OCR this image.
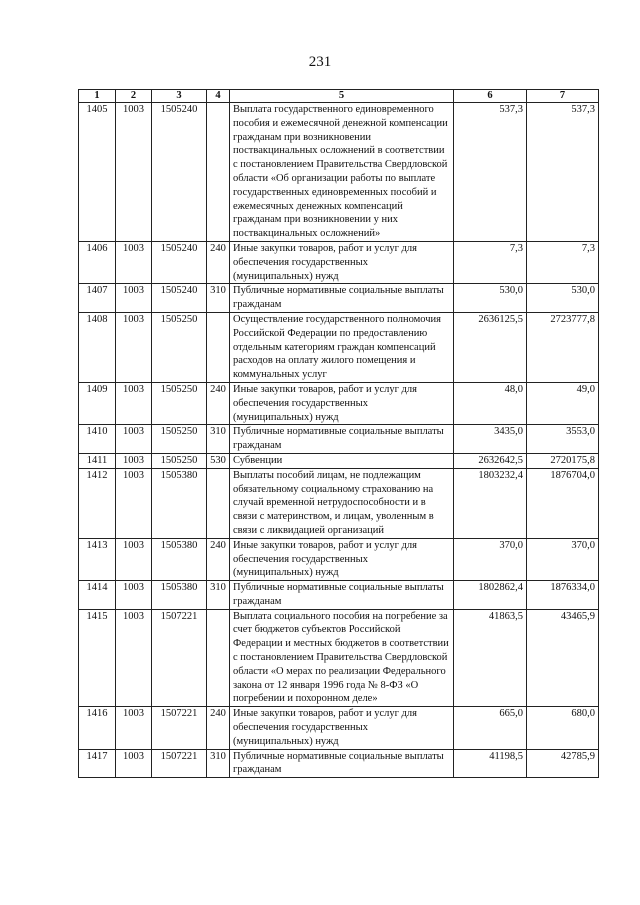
231
1	2	3	4	5	6	7
1405	1003	1505240		Выплата государственного единовременного пособия и ежемесячной денежной компенсации гражданам при возникновении поствакцинальных осложнений в соответствии с постановлением Правительства Свердловской области «Об организации работы по выплате государственных единовременных пособий и ежемесячных денежных компенсаций гражданам при возникновении у них поствакцинальных осложнений»	537,3	537,3
1406	1003	1505240	240	Иные закупки товаров, работ и услуг для обеспечения государственных (муниципальных) нужд	7,3	7,3
1407	1003	1505240	310	Публичные нормативные социальные выплаты гражданам	530,0	530,0
1408	1003	1505250		Осуществление государственного полномочия Российской Федерации по предоставлению отдельным категориям граждан компенсаций расходов на оплату жилого помещения и коммунальных услуг	2636125,5	2723777,8
1409	1003	1505250	240	Иные закупки товаров, работ и услуг для обеспечения государственных (муниципальных) нужд	48,0	49,0
1410	1003	1505250	310	Публичные нормативные социальные выплаты гражданам	3435,0	3553,0
1411	1003	1505250	530	Субвенции	2632642,5	2720175,8
1412	1003	1505380		Выплаты пособий лицам, не подлежащим обязательному социальному страхованию на случай временной нетрудоспособности и в связи с материнством, и лицам, уволенным в связи с ликвидацией организаций	1803232,4	1876704,0
1413	1003	1505380	240	Иные закупки товаров, работ и услуг для обеспечения государственных (муниципальных) нужд	370,0	370,0
1414	1003	1505380	310	Публичные нормативные социальные выплаты гражданам	1802862,4	1876334,0
1415	1003	1507221		Выплата социального пособия на погребение за счет бюджетов субъектов Российской Федерации и местных бюджетов в соответствии с постановлением Правительства Свердловской области «О мерах по реализации Федерального закона от 12 января 1996 года № 8-ФЗ «О погребении и похоронном деле»	41863,5	43465,9
1416	1003	1507221	240	Иные закупки товаров, работ и услуг для обеспечения государственных (муниципальных) нужд	665,0	680,0
1417	1003	1507221	310	Публичные нормативные социальные выплаты гражданам	41198,5	42785,9
